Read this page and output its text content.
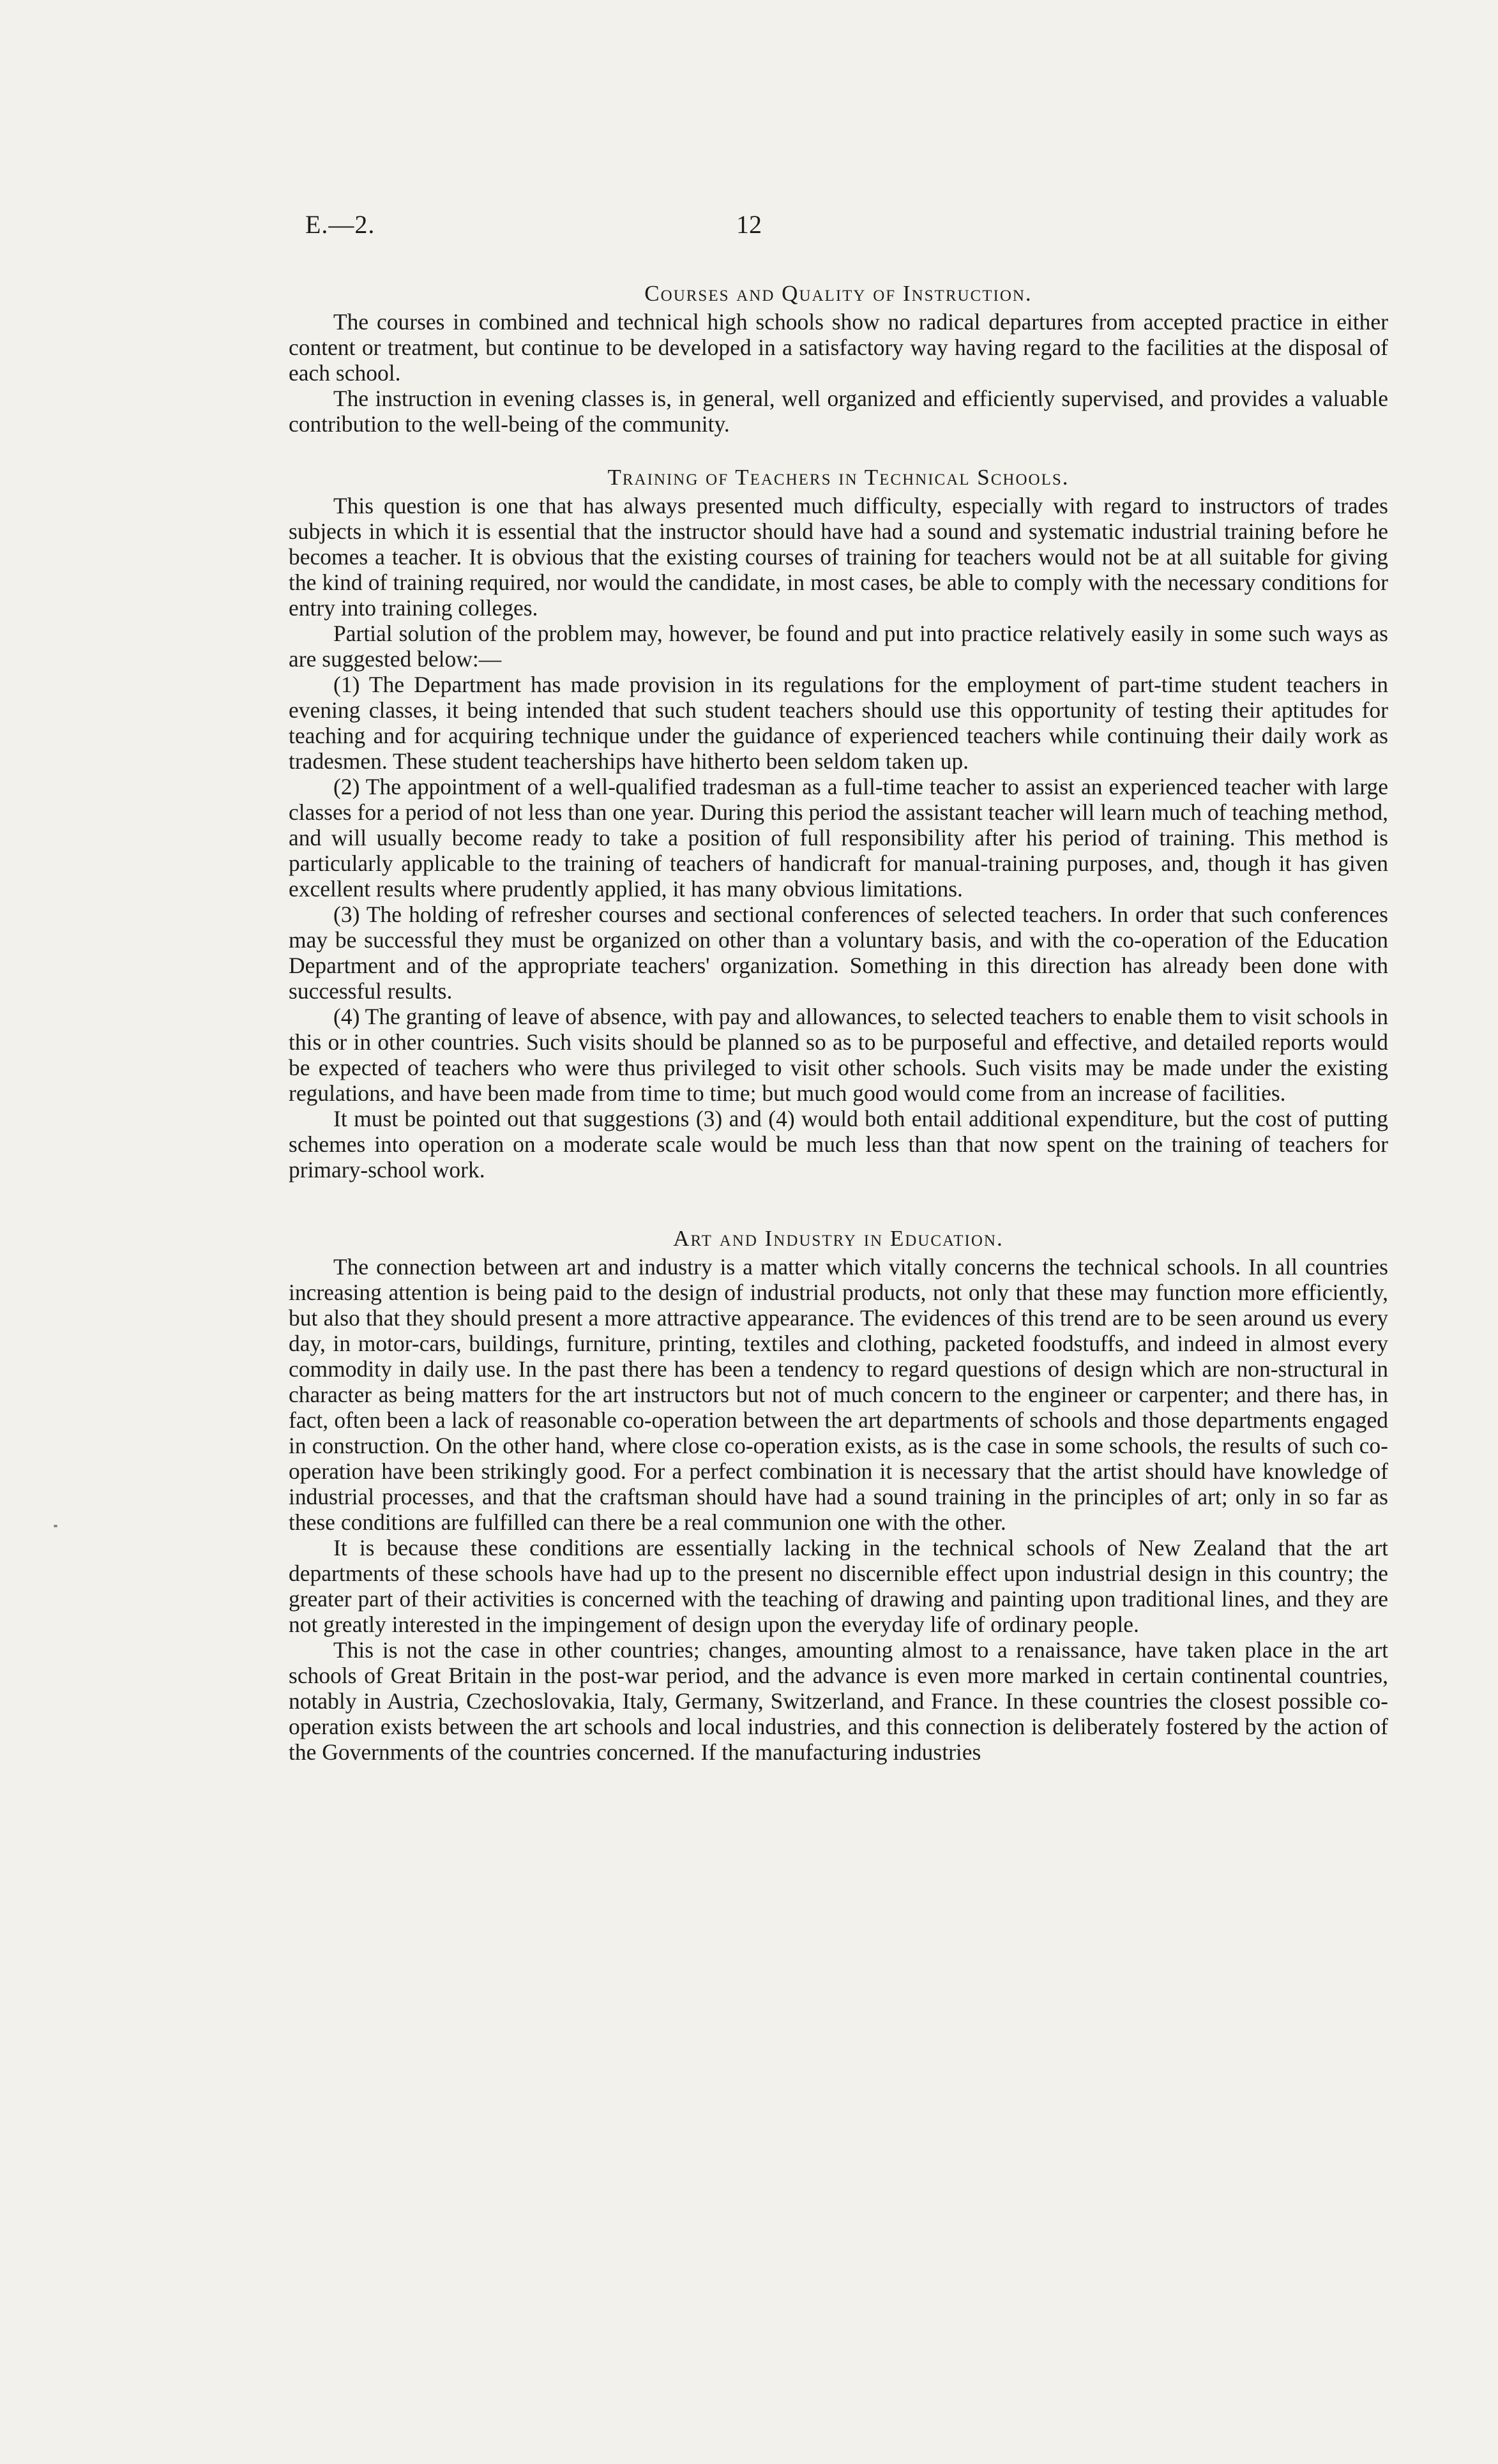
E.—2.	12
Courses and Quality of Instruction.

The courses in combined and technical high schools show no radical departures from accepted practice in either content or treatment, but continue to be developed in a satisfactory way having regard to the facilities at the disposal of each school.

The instruction in evening classes is, in general, well organized and efficiently supervised, and provides a valuable contribution to the well-being of the community.

Training of Teachers in Technical Schools.

This question is one that has always presented much difficulty, especially with regard to instructors of trades subjects in which it is essential that the instructor should have had a sound and systematic industrial training before he becomes a teacher. It is obvious that the existing courses of training for teachers would not be at all suitable for giving the kind of training required, nor would the candidate, in most cases, be able to comply with the necessary conditions for entry into training colleges.

Partial solution of the problem may, however, be found and put into practice relatively easily in some such ways as are suggested below:—

(1) The Department has made provision in its regulations for the employment of part-time student teachers in evening classes, it being intended that such student teachers should use this opportunity of testing their aptitudes for teaching and for acquiring technique under the guidance of experienced teachers while continuing their daily work as tradesmen. These student teacherships have hitherto been seldom taken up.

(2) The appointment of a well-qualified tradesman as a full-time teacher to assist an experienced teacher with large classes for a period of not less than one year. During this period the assistant teacher will learn much of teaching method, and will usually become ready to take a position of full responsibility after his period of training. This method is particularly applicable to the training of teachers of handicraft for manual-training purposes, and, though it has given excellent results where prudently applied, it has many obvious limitations.

(3) The holding of refresher courses and sectional conferences of selected teachers. In order that such conferences may be successful they must be organized on other than a voluntary basis, and with the co-operation of the Education Department and of the appropriate teachers' organization. Something in this direction has already been done with successful results.

(4) The granting of leave of absence, with pay and allowances, to selected teachers to enable them to visit schools in this or in other countries. Such visits should be planned so as to be purposeful and effective, and detailed reports would be expected of teachers who were thus privileged to visit other schools. Such visits may be made under the existing regulations, and have been made from time to time; but much good would come from an increase of facilities.

It must be pointed out that suggestions (3) and (4) would both entail additional expenditure, but the cost of putting schemes into operation on a moderate scale would be much less than that now spent on the training of teachers for primary-school work.

Art and Industry in Education.

The connection between art and industry is a matter which vitally concerns the technical schools. In all countries increasing attention is being paid to the design of industrial products, not only that these may function more efficiently, but also that they should present a more attractive appearance. The evidences of this trend are to be seen around us every day, in motor-cars, buildings, furniture, printing, textiles and clothing, packeted foodstuffs, and indeed in almost every commodity in daily use. In the past there has been a tendency to regard questions of design which are non-structural in character as being matters for the art instructors but not of much concern to the engineer or carpenter; and there has, in fact, often been a lack of reasonable co-operation between the art departments of schools and those departments engaged in construction. On the other hand, where close co-operation exists, as is the case in some schools, the results of such co-operation have been strikingly good. For a perfect combination it is necessary that the artist should have knowledge of industrial processes, and that the craftsman should have had a sound training in the principles of art; only in so far as these conditions are fulfilled can there be a real communion one with the other.

It is because these conditions are essentially lacking in the technical schools of New Zealand that the art departments of these schools have had up to the present no discernible effect upon industrial design in this country; the greater part of their activities is concerned with the teaching of drawing and painting upon traditional lines, and they are not greatly interested in the impingement of design upon the everyday life of ordinary people.

This is not the case in other countries; changes, amounting almost to a renaissance, have taken place in the art schools of Great Britain in the post-war period, and the advance is even more marked in certain continental countries, notably in Austria, Czechoslovakia, Italy, Germany, Switzerland, and France. In these countries the closest possible co-operation exists between the art schools and local industries, and this connection is deliberately fostered by the action of the Governments of the countries concerned. If the manufacturing industries
